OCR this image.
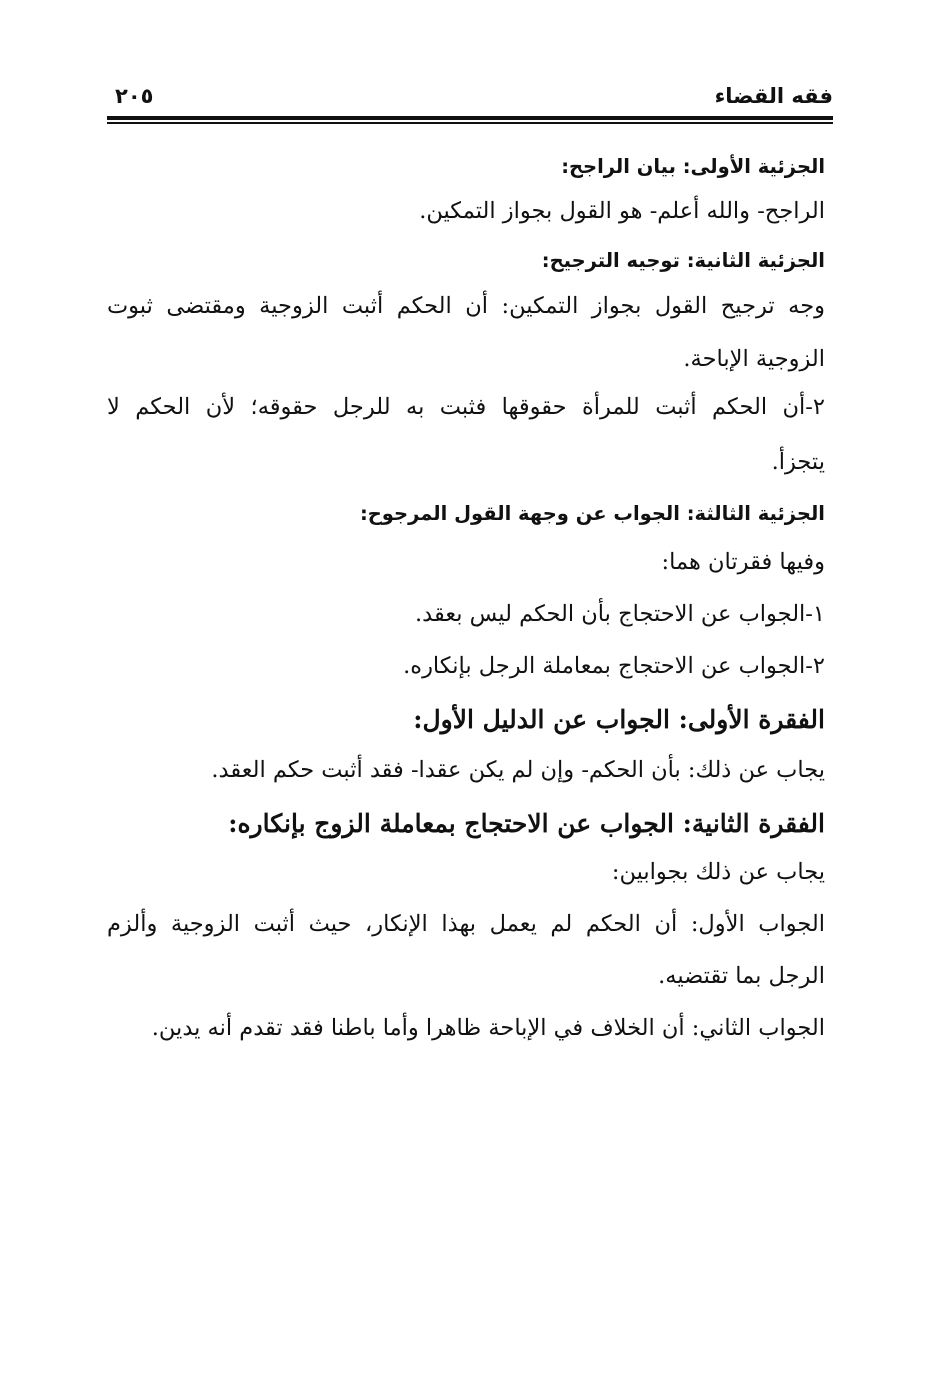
فقه القضاء
٢٠٥
الجزئية الأولى: بيان الراجح:
الراجح- والله أعلم- هو القول بجواز التمكين.
الجزئية الثانية: توجيه الترجيح:
وجه ترجيح القول بجواز التمكين: أن الحكم أثبت الزوجية ومقتضى ثبوت
الزوجية الإباحة.
٢-أن الحكم أثبت للمرأة حقوقها فثبت به للرجل حقوقه؛ لأن الحكم لا
يتجزأ.
الجزئية الثالثة: الجواب عن وجهة القول المرجوح:
وفيها فقرتان هما:
١-الجواب عن الاحتجاج بأن الحكم ليس بعقد.
٢-الجواب عن الاحتجاج بمعاملة الرجل بإنكاره.
الفقرة الأولى: الجواب عن الدليل الأول:
يجاب عن ذلك: بأن الحكم- وإن لم يكن عقدا- فقد أثبت حكم العقد.
الفقرة الثانية: الجواب عن الاحتجاج بمعاملة الزوج بإنكاره:
يجاب عن ذلك بجوابين:
الجواب الأول: أن الحكم لم يعمل بهذا الإنكار، حيث أثبت الزوجية وألزم
الرجل بما تقتضيه.
الجواب الثاني: أن الخلاف في الإباحة ظاهرا وأما باطنا فقد تقدم أنه يدين.
